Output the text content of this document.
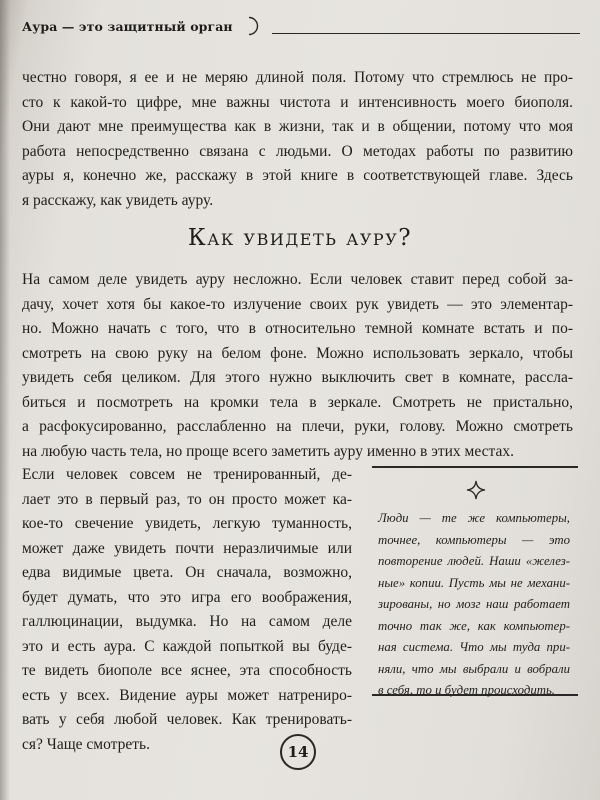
Аура — это защитный орган
честно говоря, я ее и не меряю длиной поля. Потому что стремлюсь не про-
сто к какой-то цифре, мне важны чистота и интенсивность моего биополя.
Они дают мне преимущества как в жизни, так и в общении, потому что моя
работа непосредственно связана с людьми. О методах работы по развитию
ауры я, конечно же, расскажу в этой книге в соответствующей главе. Здесь
я расскажу, как увидеть ауру.
Как увидеть ауру?
На самом деле увидеть ауру несложно. Если человек ставит перед собой за-
дачу, хочет хотя бы какое-то излучение своих рук увидеть — это элементар-
но. Можно начать с того, что в относительно темной комнате встать и по-
смотреть на свою руку на белом фоне. Можно использовать зеркало, чтобы
увидеть себя целиком. Для этого нужно выключить свет в комнате, рассла-
биться и посмотреть на кромки тела в зеркале. Смотреть не пристально,
а расфокусированно, расслабленно на плечи, руки, голову. Можно смотреть
на любую часть тела, но проще всего заметить ауру именно в этих местах.
Если человек совсем не тренированный, де-
лает это в первый раз, то он просто может ка-
кое-то свечение увидеть, легкую туманность,
может даже увидеть почти неразличимые или
едва видимые цвета. Он сначала, возможно,
будет думать, что это игра его воображения,
галлюцинации, выдумка. Но на самом деле
это и есть аура. С каждой попыткой вы буде-
те видеть биополе все яснее, эта способность
есть у всех. Видение ауры может натрениро-
вать у себя любой человек. Как тренировать-
ся? Чаще смотреть.
Люди — те же компьютеры,
точнее, компьютеры — это
повторение людей. Наши «желез-
ные» копии. Пусть мы не механи-
зированы, но мозг наш работает
точно так же, как компьютер-
ная система. Что мы туда при-
няли, что мы выбрали и вобрали
в себя, то и будет происходить.
14
